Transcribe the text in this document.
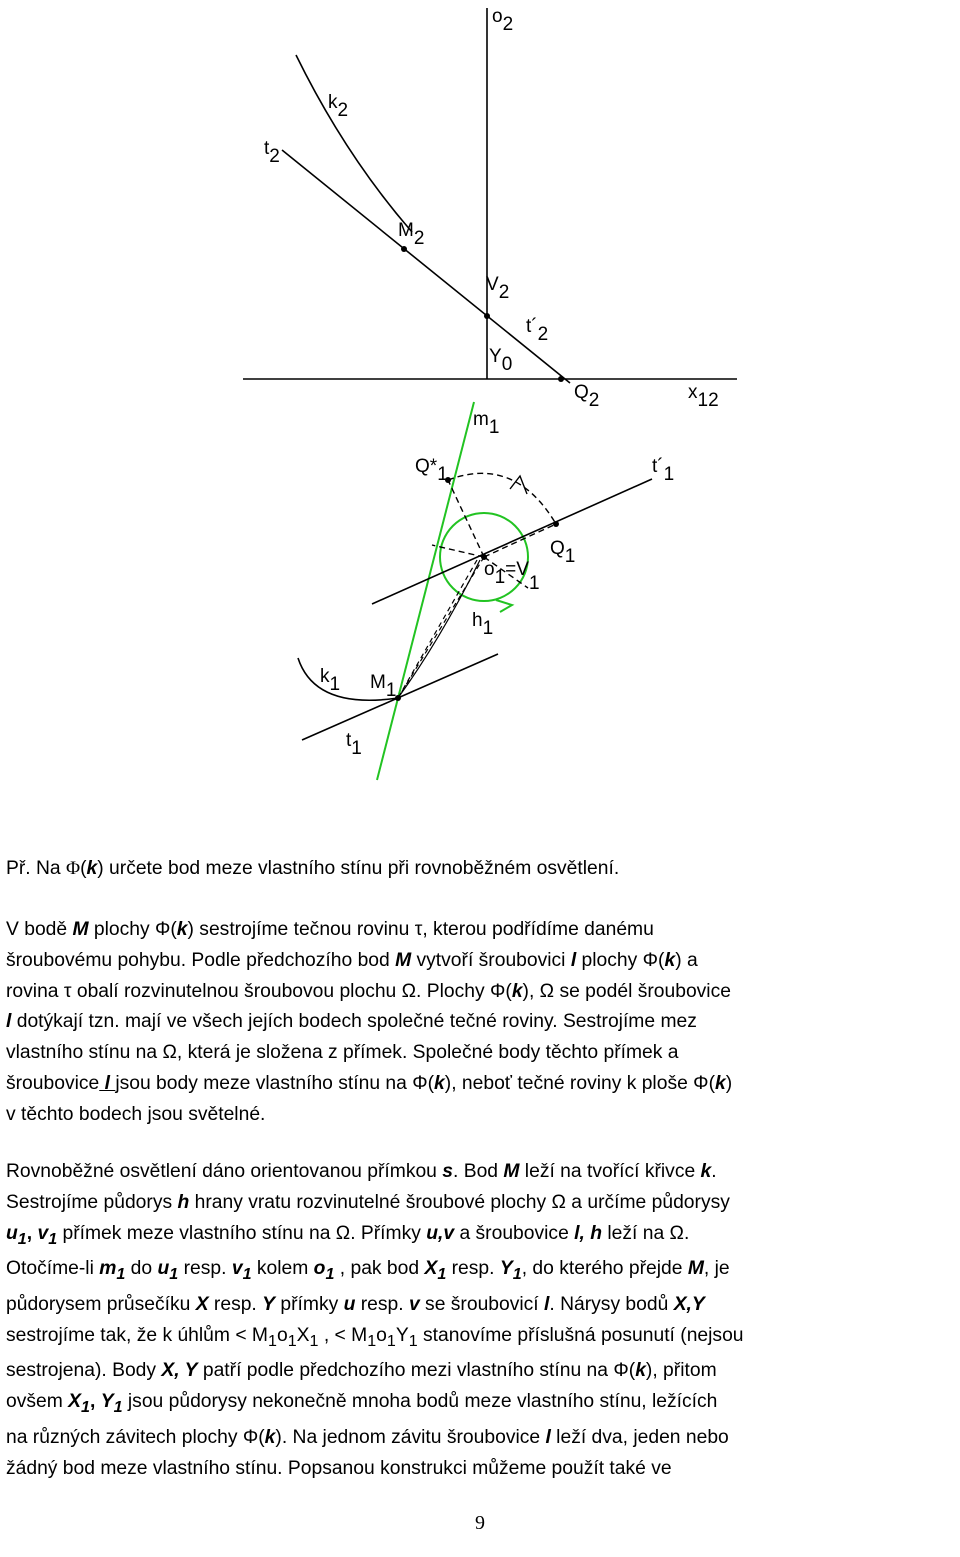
o2
k2
t2
M2
V2
t´2
Y0
Q2	x12
m1
Q*1	t´1
Q1
o1=V1
h1
k1 M1
t1

Př. Na Φ(k) určete bod meze vlastního stínu při rovnoběžném osvětlení.

V bodě M plochy Φ(k) sestrojíme tečnou rovinu τ, kterou podřídíme danému
šroubovému pohybu. Podle předchozího bod M vytvoří šroubovici l plochy Φ(k) a
rovina τ obalí rozvinutelnou šroubovou plochu Ω. Plochy Φ(k), Ω se podél šroubovice
l dotýkají tzn. mají ve všech jejích bodech společné tečné roviny. Sestrojíme mez
vlastního stínu na Ω, která je složena z přímek. Společné body těchto přímek a
šroubovice l jsou body meze vlastního stínu na Φ(k), neboť tečné roviny k ploše Φ(k)
v těchto bodech jsou světelné.
Rovnoběžné osvětlení dáno orientovanou přímkou s. Bod M leží na tvořící křivce k.
Sestrojíme půdorys h hrany vratu rozvinutelné šroubové plochy Ω a určíme půdorysy
$u_1$, $v_1$ přímek meze vlastního stínu na Ω. Přímky u,v a šroubovice l, h leží na Ω.
Otočíme-li $m_1$ do $u_1$ resp. $v_1$ kolem $o_1$ , pak bod $X_1$ resp. $Y_1$, do kterého přejde M, je
půdorysem průsečíku X resp. Y přímky u resp. v se šroubovicí l. Nárysy bodů X,Y
sestrojíme tak, že k úhlům < $M_1o_1X_1$ , < $M_1o_1Y_1$ stanovíme příslušná posunutí (nejsou
sestrojena). Body X, Y patří podle předchozího mezi vlastního stínu na Φ(k), přitom
ovšem $X_1$, $Y_1$ jsou půdorysy nekonečně mnoha bodů meze vlastního stínu, ležících
na různých závitech plochy Φ(k). Na jednom závitu šroubovice l leží dva, jeden nebo
žádný bod meze vlastního stínu. Popsanou konstrukci můžeme použít také ve
9
